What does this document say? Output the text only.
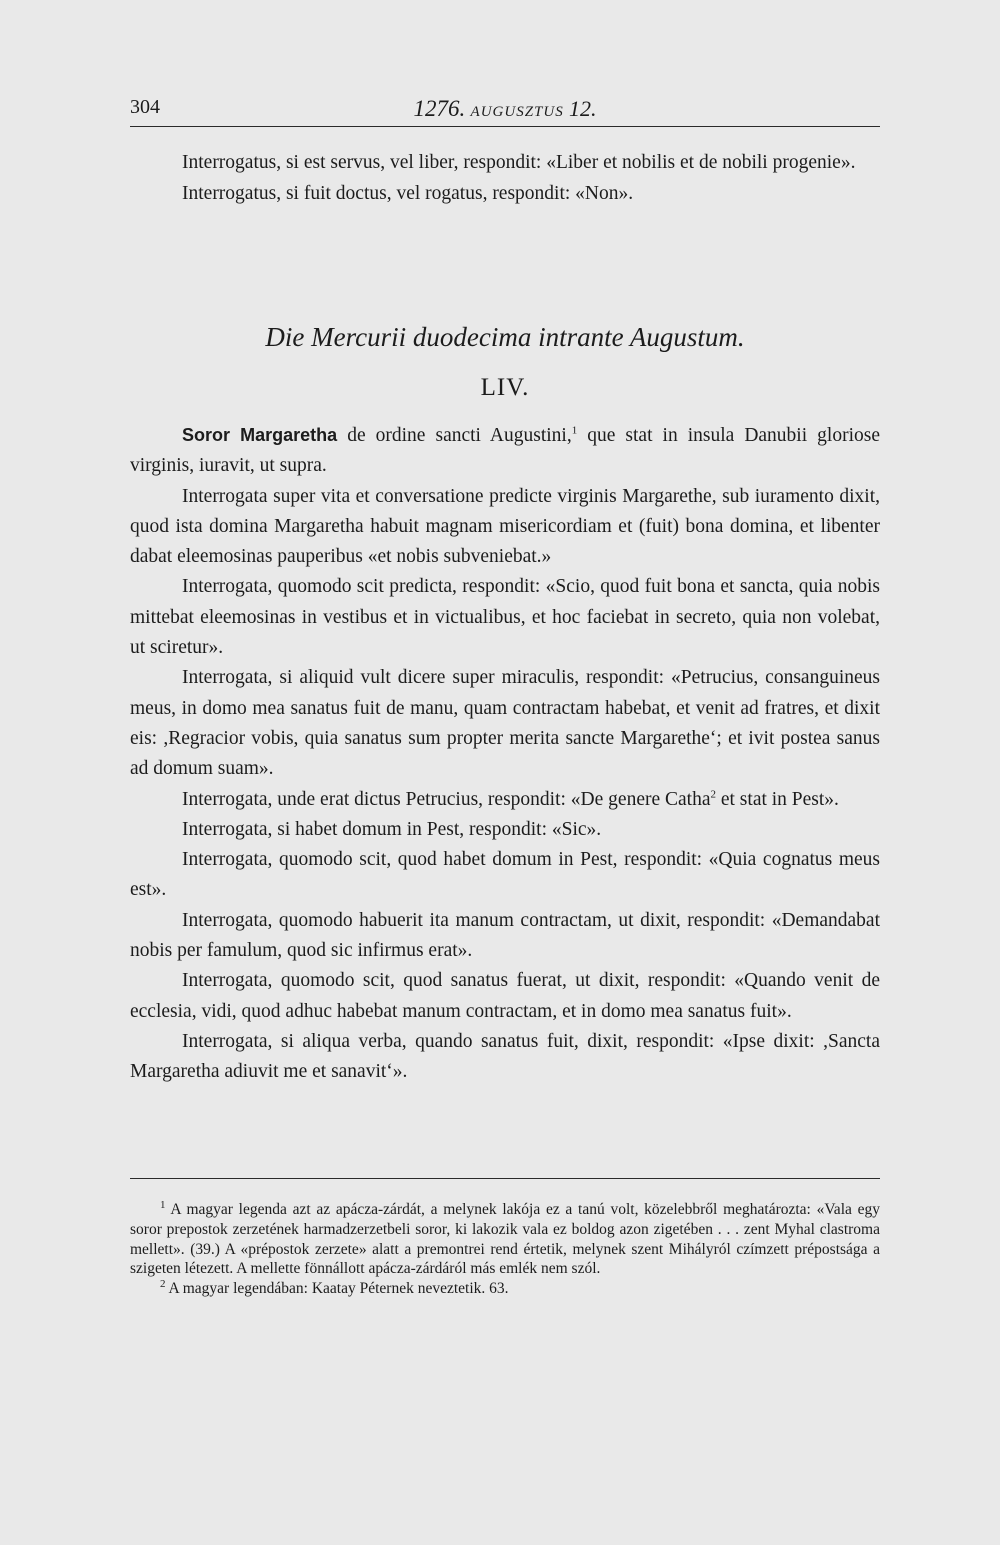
304	1276. AUGUSZTUS 12.

Interrogatus, si est servus, vel liber, respondit: «Liber et nobilis et de nobili progenie».

Interrogatus, si fuit doctus, vel rogatus, respondit: «Non».

Die Mercurii duodecima intrante Augustum.
LIV.

Soror Margaretha de ordine sancti Augustini,$^1$ que stat in insula Danubii gloriose virginis, iuravit, ut supra.

Interrogata super vita et conversatione predicte virginis Margarethe, sub iuramento dixit, quod ista domina Margaretha habuit magnam misericordiam et (fuit) bona domina, et libenter dabat eleemosinas pauperibus «et nobis subveniebat.»

Interrogata, quomodo scit predicta, respondit: «Scio, quod fuit bona et sancta, quia nobis mittebat eleemosinas in vestibus et in victualibus, et hoc faciebat in secreto, quia non volebat, ut sciretur».

Interrogata, si aliquid vult dicere super miraculis, respondit: «Petrucius, consanguineus meus, in domo mea sanatus fuit de manu, quam contractam habebat, et venit ad fratres, et dixit eis: ,Regracior vobis, quia sanatus sum propter merita sancte Margarethe‘; et ivit postea sanus ad domum suam».

Interrogata, unde erat dictus Petrucius, respondit: «De genere Catha$^2$ et stat in Pest».

Interrogata, si habet domum in Pest, respondit: «Sic».

Interrogata, quomodo scit, quod habet domum in Pest, respondit: «Quia cognatus meus est».

Interrogata, quomodo habuerit ita manum contractam, ut dixit, respondit: «Demandabat nobis per famulum, quod sic infirmus erat».

Interrogata, quomodo scit, quod sanatus fuerat, ut dixit, respondit: «Quando venit de ecclesia, vidi, quod adhuc habebat manum contractam, et in domo mea sanatus fuit».

Interrogata, si aliqua verba, quando sanatus fuit, dixit, respondit: «Ipse dixit: ,Sancta Margaretha adiuvit me et sanavit‘».

$^1$ A magyar legenda azt az apácza-zárdát, a melynek lakója ez a tanú volt, közelebbről meghatározta: «Vala egy soror prepostok zerzetének harmadzerzetbeli soror, ki lakozik vala ez boldog azon zigetében . . . zent Myhal clastroma mellett». (39.) A «prépostok zerzete» alatt a premontrei rend értetik, melynek szent Mihályról czímzett prépostsága a szigeten létezett. A mellette fönnállott apácza-zárdáról más emlék nem szól.

$^2$ A magyar legendában: Kaatay Péternek neveztetik. 63.
